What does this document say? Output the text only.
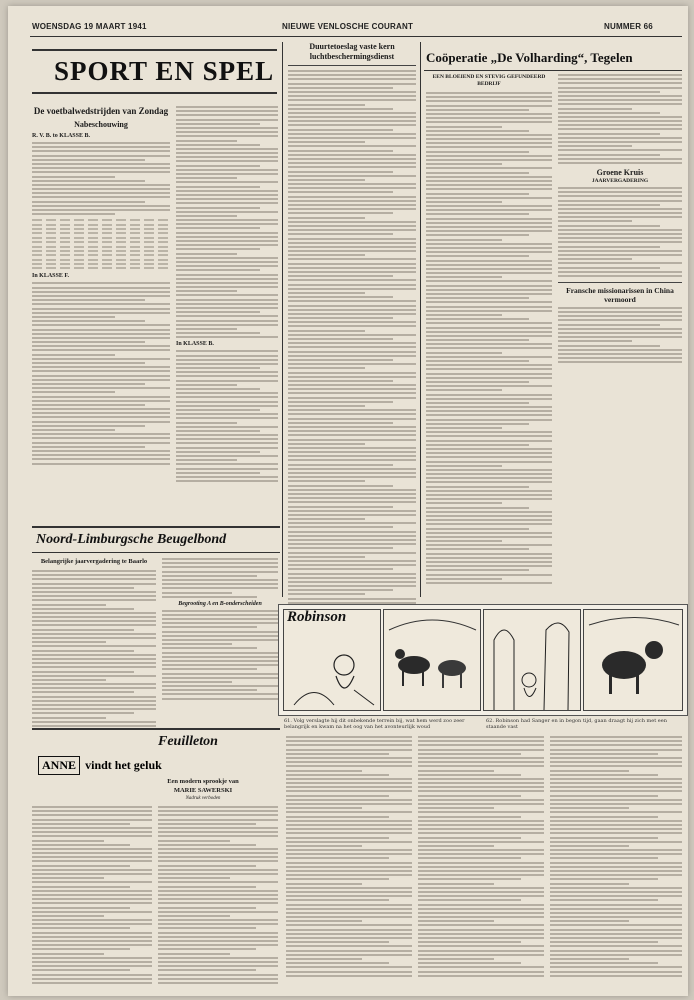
WOENSDAG 19 MAART 1941	NIEUWE VENLOSCHE COURANT	NUMMER 66
SPORT EN SPEL
De voetbalwedstrijden van Zondag
Nabeschouwing
R. V. B. to KLASSE B.
In KLASSE F.
In KLASSE B.
Duurtetoeslag vaste kern luchtbeschermingsdienst	Coöperatie „De Volharding“, Tegelen
EEN BLOEIEND EN STEVIG GEFUNDEERD BEDRIJF
Groene Kruis
JAARVERGADERING
Fransche missionarissen in China vermoord
Noord-Limburgsche Beugelbond
Belangrijke jaarvergadering te Baarlo
Begrooting A en B-onderscheiden
Robinson
61. Volg verslagte hij dit onbekende terrein bij, wat hem werd zoo zeer belangrijk en kwam na het oog van het avonteurlijk woud
62. Robinson had Sanger en in begon tijd, gaan draagt hij zich met een staande vast
Feuilleton
ANNE vindt het geluk
Een modern sprookje van
MARIE SAWERSKI
Nadruk verboden
